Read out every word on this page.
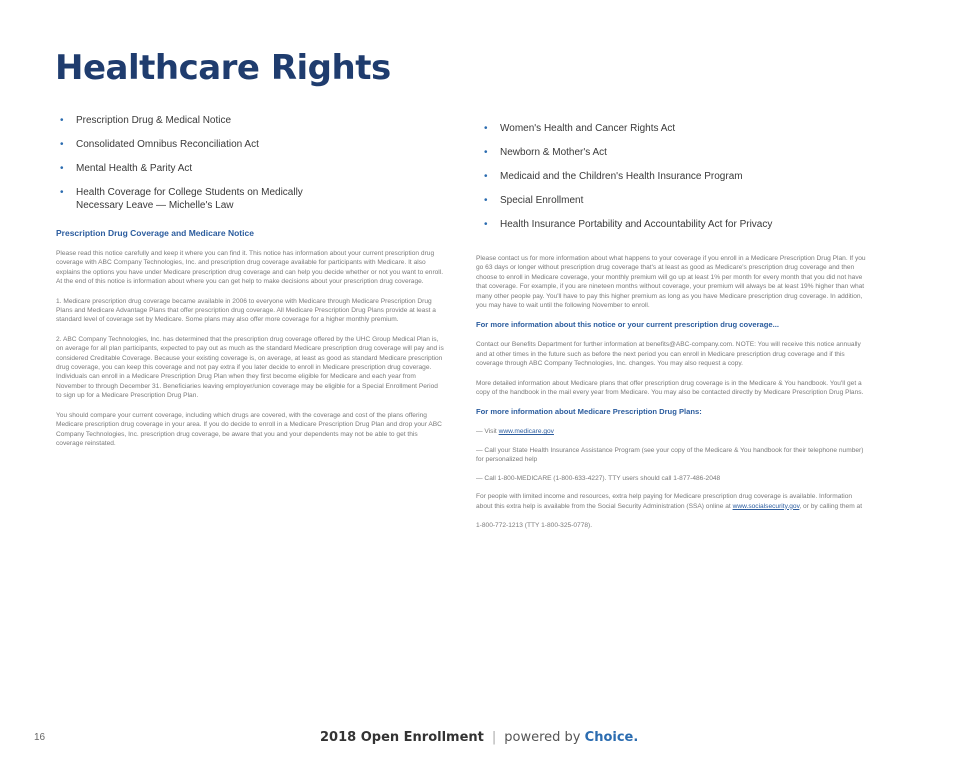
Healthcare Rights
• Prescription Drug & Medical Notice
• Consolidated Omnibus Reconciliation Act
• Mental Health & Parity Act
• Health Coverage for College Students on Medically Necessary Leave — Michelle's Law
• Women's Health and Cancer Rights Act
• Newborn & Mother's Act
• Medicaid and the Children's Health Insurance Program
• Special Enrollment
• Health Insurance Portability and Accountability Act for Privacy
Prescription Drug Coverage and Medicare Notice

Please read this notice carefully and keep it where you can find it. This notice has information about your current prescription drug coverage with ABC Company Technologies, Inc. and prescription drug coverage available for participants with Medicare. It also explains the options you have under Medicare prescription drug coverage and can help you decide whether or not you want to enroll. At the end of this notice is information about where you can get help to make decisions about your prescription drug coverage.

1. Medicare prescription drug coverage became available in 2006 to everyone with Medicare through Medicare Prescription Drug Plans and Medicare Advantage Plans that offer prescription drug coverage. All Medicare Prescription Drug Plans provide at least a standard level of coverage set by Medicare. Some plans may also offer more coverage for a higher monthly premium.

2. ABC Company Technologies, Inc. has determined that the prescription drug coverage offered by the UHC Group Medical Plan is, on average for all plan participants, expected to pay out as much as the standard Medicare prescription drug coverage will pay and is considered Creditable Coverage. Because your existing coverage is, on average, at least as good as standard Medicare prescription drug coverage, you can keep this coverage and not pay extra if you later decide to enroll in Medicare prescription drug coverage. Individuals can enroll in a Medicare Prescription Drug Plan when they first become eligible for Medicare and each year from November to through December 31. Beneficiaries leaving employer/union coverage may be eligible for a Special Enrollment Period to sign up for a Medicare Prescription Drug Plan.

You should compare your current coverage, including which drugs are covered, with the coverage and cost of the plans offering Medicare prescription drug coverage in your area. If you do decide to enroll in a Medicare Prescription Drug Plan and drop your ABC Company Technologies, Inc. prescription drug coverage, be aware that you and your dependents may not be able to get this coverage reinstated.

Please contact us for more information about what happens to your coverage if you enroll in a Medicare Prescription Drug Plan. If you go 63 days or longer without prescription drug coverage that's at least as good as Medicare's prescription drug coverage and then choose to enroll in Medicare coverage, your monthly premium will go up at least 1% per month for every month that you did not have that coverage. For example, if you are nineteen months without coverage, your premium will always be at least 19% higher than what many other people pay. You'll have to pay this higher premium as long as you have Medicare prescription drug coverage. In addition, you may have to wait until the following November to enroll.

For more information about this notice or your current prescription drug coverage...

Contact our Benefits Department for further information at benefits@ABC-company.com. NOTE: You will receive this notice annually and at other times in the future such as before the next period you can enroll in Medicare prescription drug coverage and if this coverage through ABC Company Technologies, Inc. changes. You may also request a copy.

More detailed information about Medicare plans that offer prescription drug coverage is in the Medicare & You handbook. You'll get a copy of the handbook in the mail every year from Medicare. You may also be contacted directly by Medicare Prescription Drug Plans.

For more information about Medicare Prescription Drug Plans:
— Visit www.medicare.gov
— Call your State Health Insurance Assistance Program (see your copy of the Medicare & You handbook for their telephone number) for personalized help
— Call 1-800-MEDICARE (1-800-633-4227). TTY users should call 1-877-486-2048

For people with limited income and resources, extra help paying for Medicare prescription drug coverage is available. Information about this extra help is available from the Social Security Administration (SSA) online at www.socialsecurity.gov, or by calling them at

1-800-772-1213 (TTY 1-800-325-0778).

16	2018 Open Enrollment | powered by Choice.
